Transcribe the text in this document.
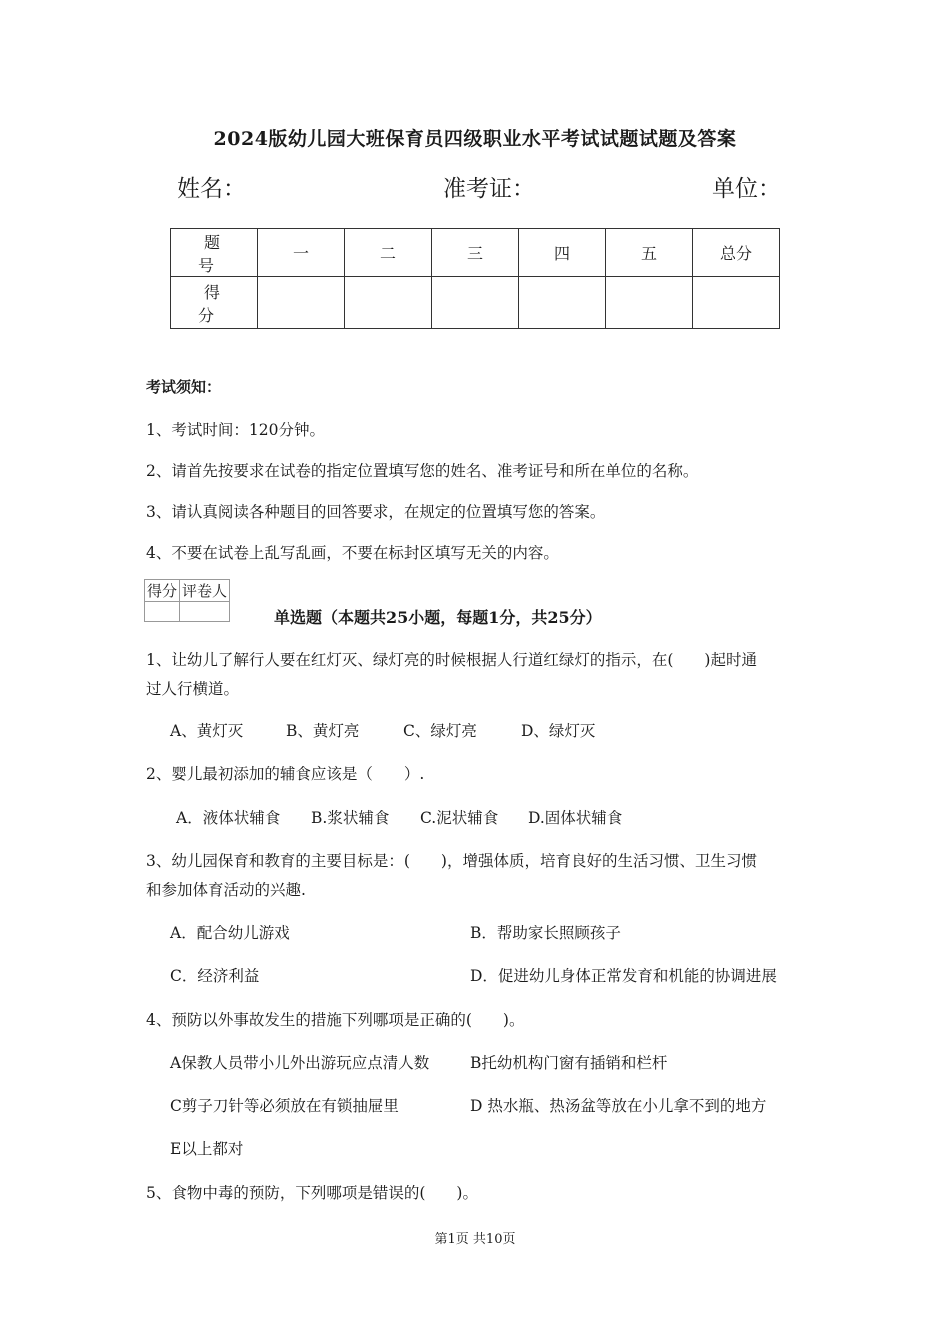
2024版幼儿园大班保育员四级职业水平考试试题试题及答案
姓名：	准考证：	单位：
题 号	一	二	三	四	五	总分
得 分						
考试须知：
1、考试时间：120分钟。
2、请首先按要求在试卷的指定位置填写您的姓名、准考证号和所在单位的名称。
3、请认真阅读各种题目的回答要求，在规定的位置填写您的答案。
4、不要在试卷上乱写乱画，不要在标封区填写无关的内容。
得分	评卷人

单选题（本题共25小题，每题1分，共25分）
1、让幼儿了解行人要在红灯灭、绿灯亮的时候根据人行道红绿灯的指示，在(　　)起时通
过人行横道。
A、黄灯灭	B、黄灯亮	C、绿灯亮	D、绿灯灭
2、婴儿最初添加的辅食应该是（　　）.
A．液体状辅食 B.浆状辅食 C.泥状辅食 D.固体状辅食
3、幼儿园保育和教育的主要目标是：(　　)，增强体质，培育良好的生活习惯、卫生习惯
和参加体育活动的兴趣.
A．配合幼儿游戏	B．帮助家长照顾孩子
C．经济利益	D．促进幼儿身体正常发育和机能的协调进展
4、预防以外事故发生的措施下列哪项是正确的(　　)。
A保教人员带小儿外出游玩应点清人数	B托幼机构门窗有插销和栏杆
C剪子刀针等必须放在有锁抽屉里	D 热水瓶、热汤盆等放在小儿拿不到的地方
E以上都对
5、食物中毒的预防，下列哪项是错误的(　　)。
第1页 共10页
